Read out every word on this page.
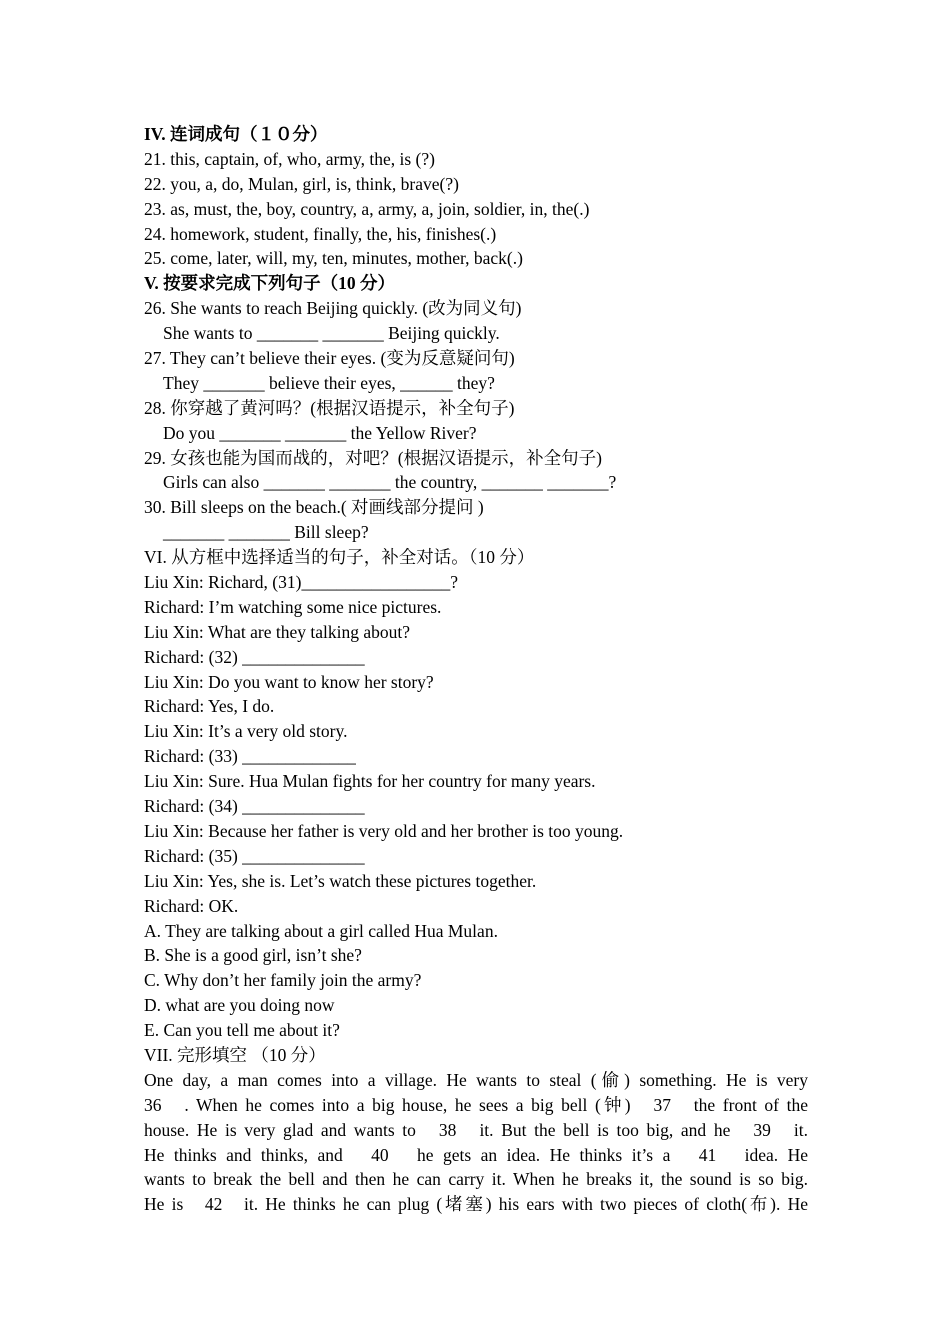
IV. 连词成句（１０分）
21. this, captain, of, who, army, the, is (?)
22. you, a, do, Mulan, girl, is, think, brave(?)
23. as, must, the, boy, country, a, army, a, join, soldier, in, the(.)
24. homework, student, finally, the, his, finishes(.)
25. come, later, will, my, ten, minutes, mother, back(.)
V. 按要求完成下列句子（10 分）
26. She wants to reach Beijing quickly. (改为同义句)
She wants to _______ _______ Beijing quickly.
27. They can’t believe their eyes. (变为反意疑问句)
They _______ believe their eyes, ______ they?
28. 你穿越了黄河吗？(根据汉语提示，补全句子)
Do you _______ _______ the Yellow River?
29. 女孩也能为国而战的，对吧？(根据汉语提示，补全句子)
Girls can also _______ _______ the country, _______ _______?
30. Bill sleeps on the beach.( 对画线部分提问 )
_______ _______ Bill sleep?
VI. 从方框中选择适当的句子，补全对话。（10 分）
Liu Xin: Richard, (31)_________________?
Richard: I’m watching some nice pictures.
Liu Xin: What are they talking about?
Richard: (32) ______________
Liu Xin: Do you want to know her story?
Richard: Yes, I do.
Liu Xin: It’s a very old story.
Richard: (33) _____________
Liu Xin: Sure. Hua Mulan fights for her country for many years.
Richard: (34) ______________
Liu Xin: Because her father is very old and her brother is too young.
Richard: (35) ______________
Liu Xin: Yes, she is. Let’s watch these pictures together.
Richard: OK.
A. They are talking about a girl called Hua Mulan.
B. She is a good girl, isn’t she?
C. Why don’t her family join the army?
D. what are you doing now
E. Can you tell me about it?
VII. 完形填空 （10 分）
One day, a man comes into a village. He wants to steal (偷) something. He is very
36   . When he comes into a big house, he sees a big bell (钟)   37   the front of the
house. He is very glad and wants to   38   it. But the bell is too big, and he   39   it.
He thinks and thinks, and   40   he gets an idea. He thinks it’s a   41   idea. He
wants to break the bell and then he can carry it. When he breaks it, the sound is so big.
He is   42   it. He thinks he can plug (堵塞) his ears with two pieces of cloth(布). He
